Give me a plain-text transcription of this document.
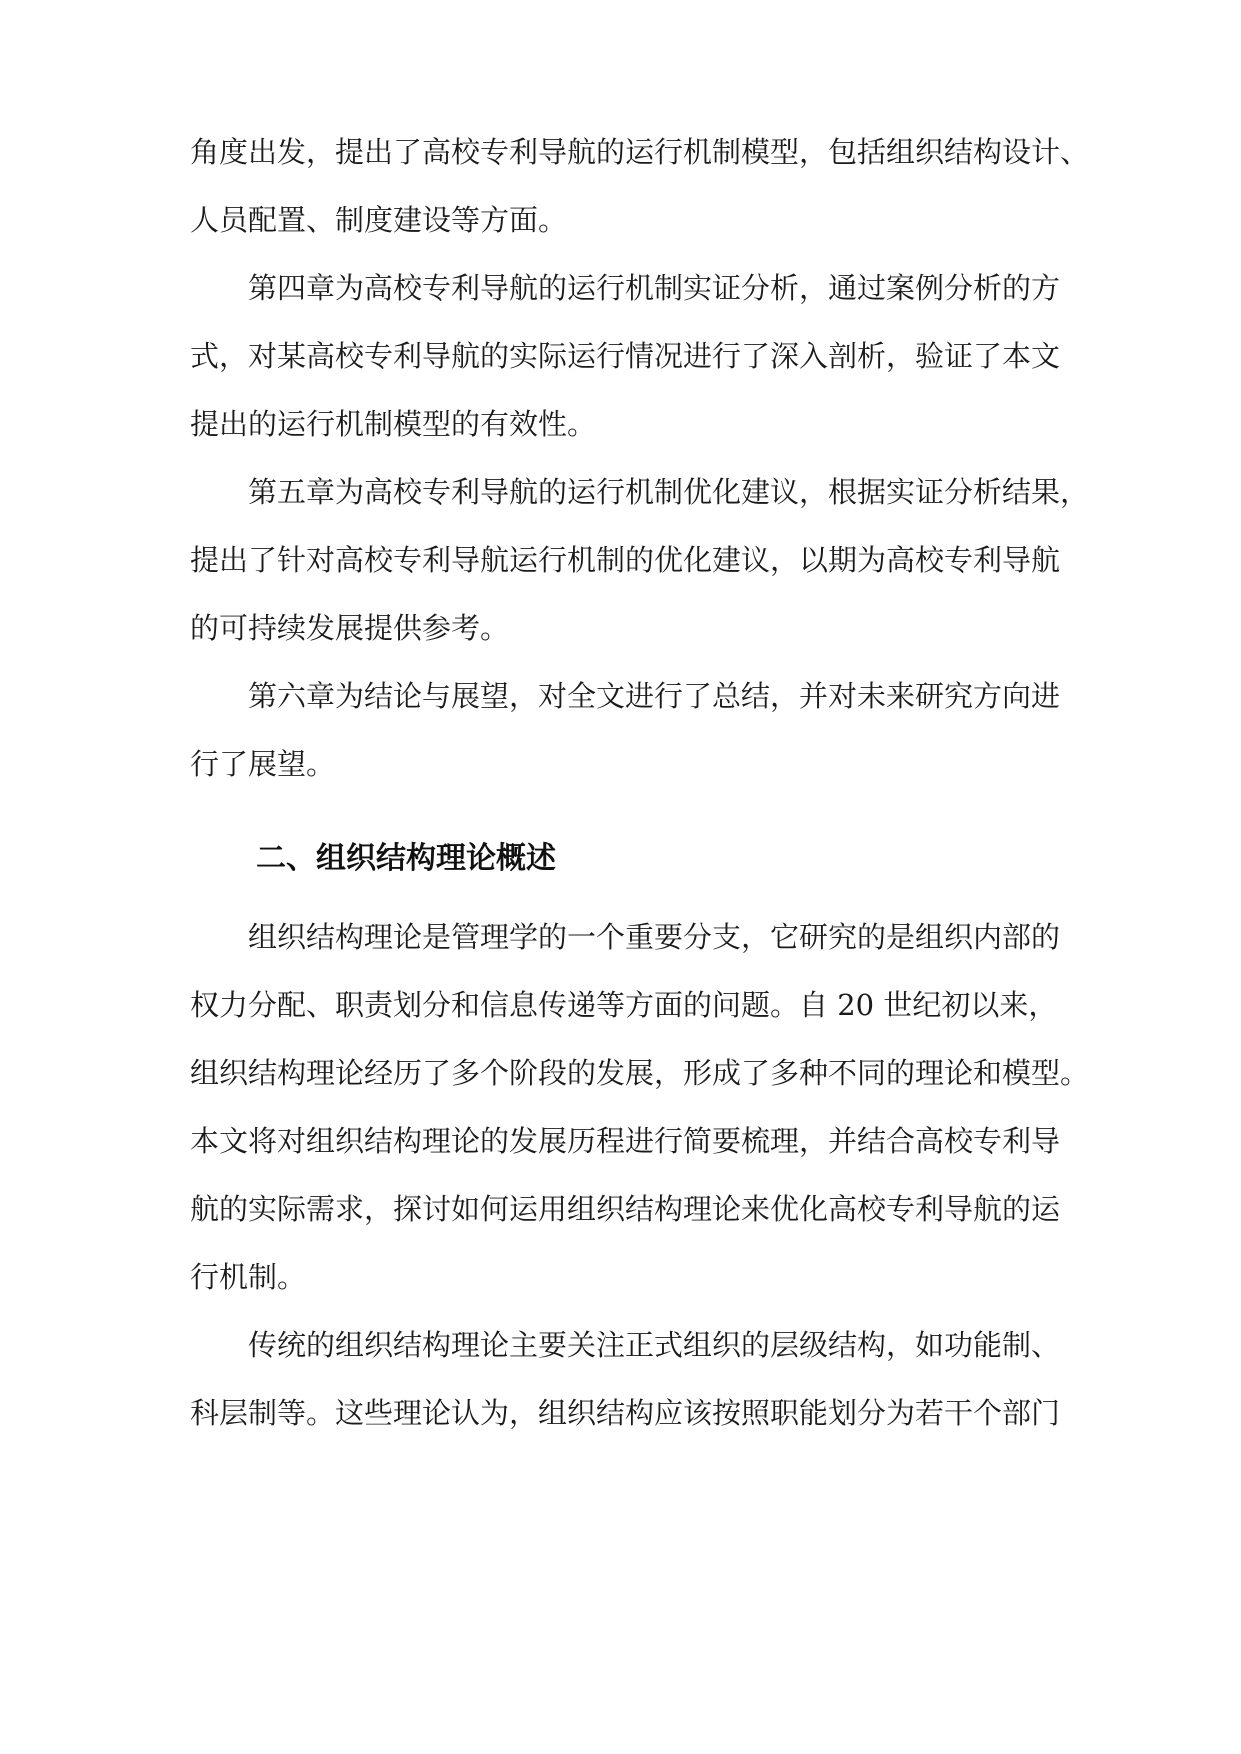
角度出发，提出了高校专利导航的运行机制模型，包括组织结构设计、
人员配置、制度建设等方面。
第四章为高校专利导航的运行机制实证分析，通过案例分析的方
式，对某高校专利导航的实际运行情况进行了深入剖析，验证了本文
提出的运行机制模型的有效性。
第五章为高校专利导航的运行机制优化建议，根据实证分析结果，
提出了针对高校专利导航运行机制的优化建议，以期为高校专利导航
的可持续发展提供参考。
第六章为结论与展望，对全文进行了总结，并对未来研究方向进
行了展望。
二、组织结构理论概述
组织结构理论是管理学的一个重要分支，它研究的是组织内部的
权力分配、职责划分和信息传递等方面的问题。自 20 世纪初以来，
组织结构理论经历了多个阶段的发展，形成了多种不同的理论和模型。
本文将对组织结构理论的发展历程进行简要梳理，并结合高校专利导
航的实际需求，探讨如何运用组织结构理论来优化高校专利导航的运
行机制。
传统的组织结构理论主要关注正式组织的层级结构，如功能制、
科层制等。这些理论认为，组织结构应该按照职能划分为若干个部门
